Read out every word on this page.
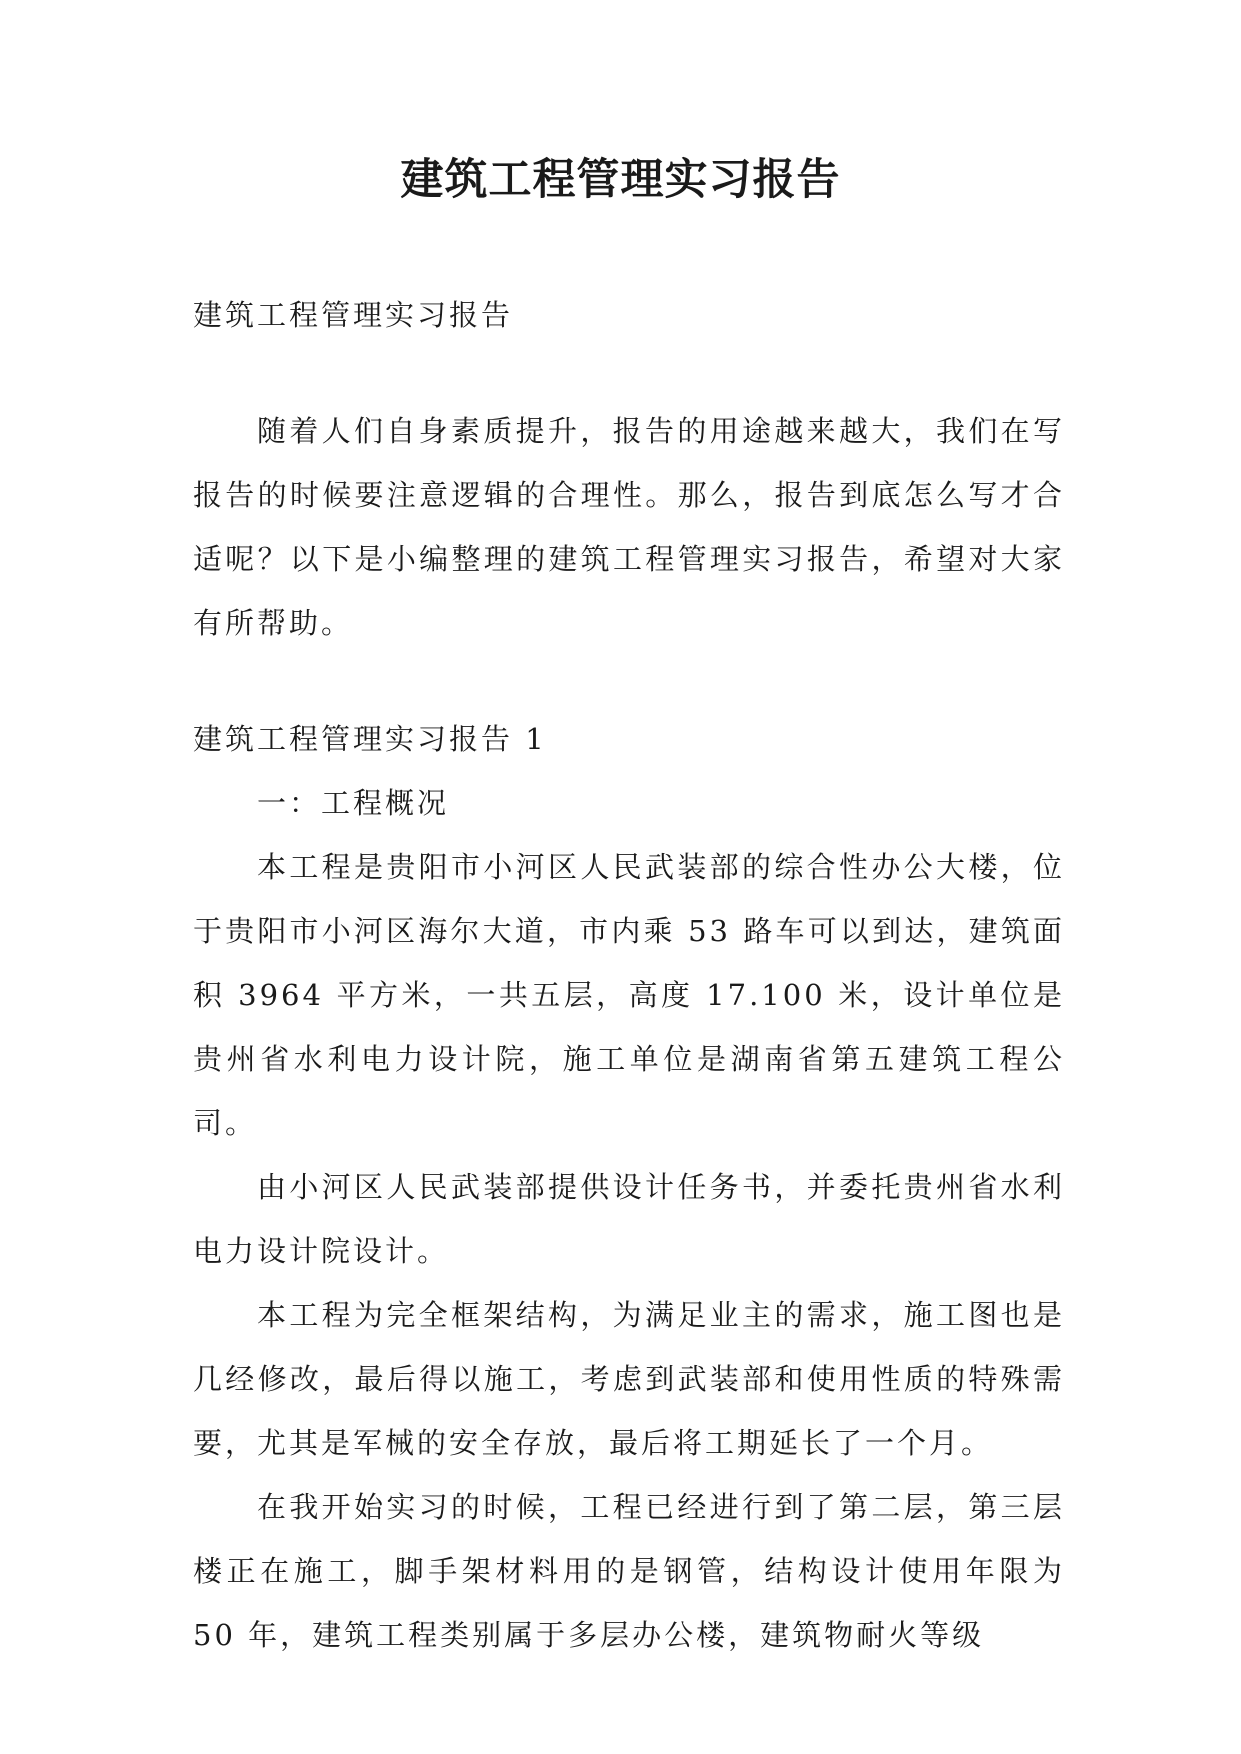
建筑工程管理实习报告

建筑工程管理实习报告

随着人们自身素质提升，报告的用途越来越大，我们在写报告的时候要注意逻辑的合理性。那么，报告到底怎么写才合适呢？以下是小编整理的建筑工程管理实习报告，希望对大家有所帮助。

建筑工程管理实习报告 1

一：工程概况

本工程是贵阳市小河区人民武装部的综合性办公大楼，位于贵阳市小河区海尔大道，市内乘 53 路车可以到达，建筑面积 3964 平方米，一共五层，高度 17.100 米，设计单位是贵州省水利电力设计院，施工单位是湖南省第五建筑工程公司。

由小河区人民武装部提供设计任务书，并委托贵州省水利电力设计院设计。

本工程为完全框架结构，为满足业主的需求，施工图也是几经修改，最后得以施工，考虑到武装部和使用性质的特殊需要，尤其是军械的安全存放，最后将工期延长了一个月。

在我开始实习的时候，工程已经进行到了第二层，第三层楼正在施工，脚手架材料用的是钢管，结构设计使用年限为 50 年，建筑工程类别属于多层办公楼，建筑物耐火等级
